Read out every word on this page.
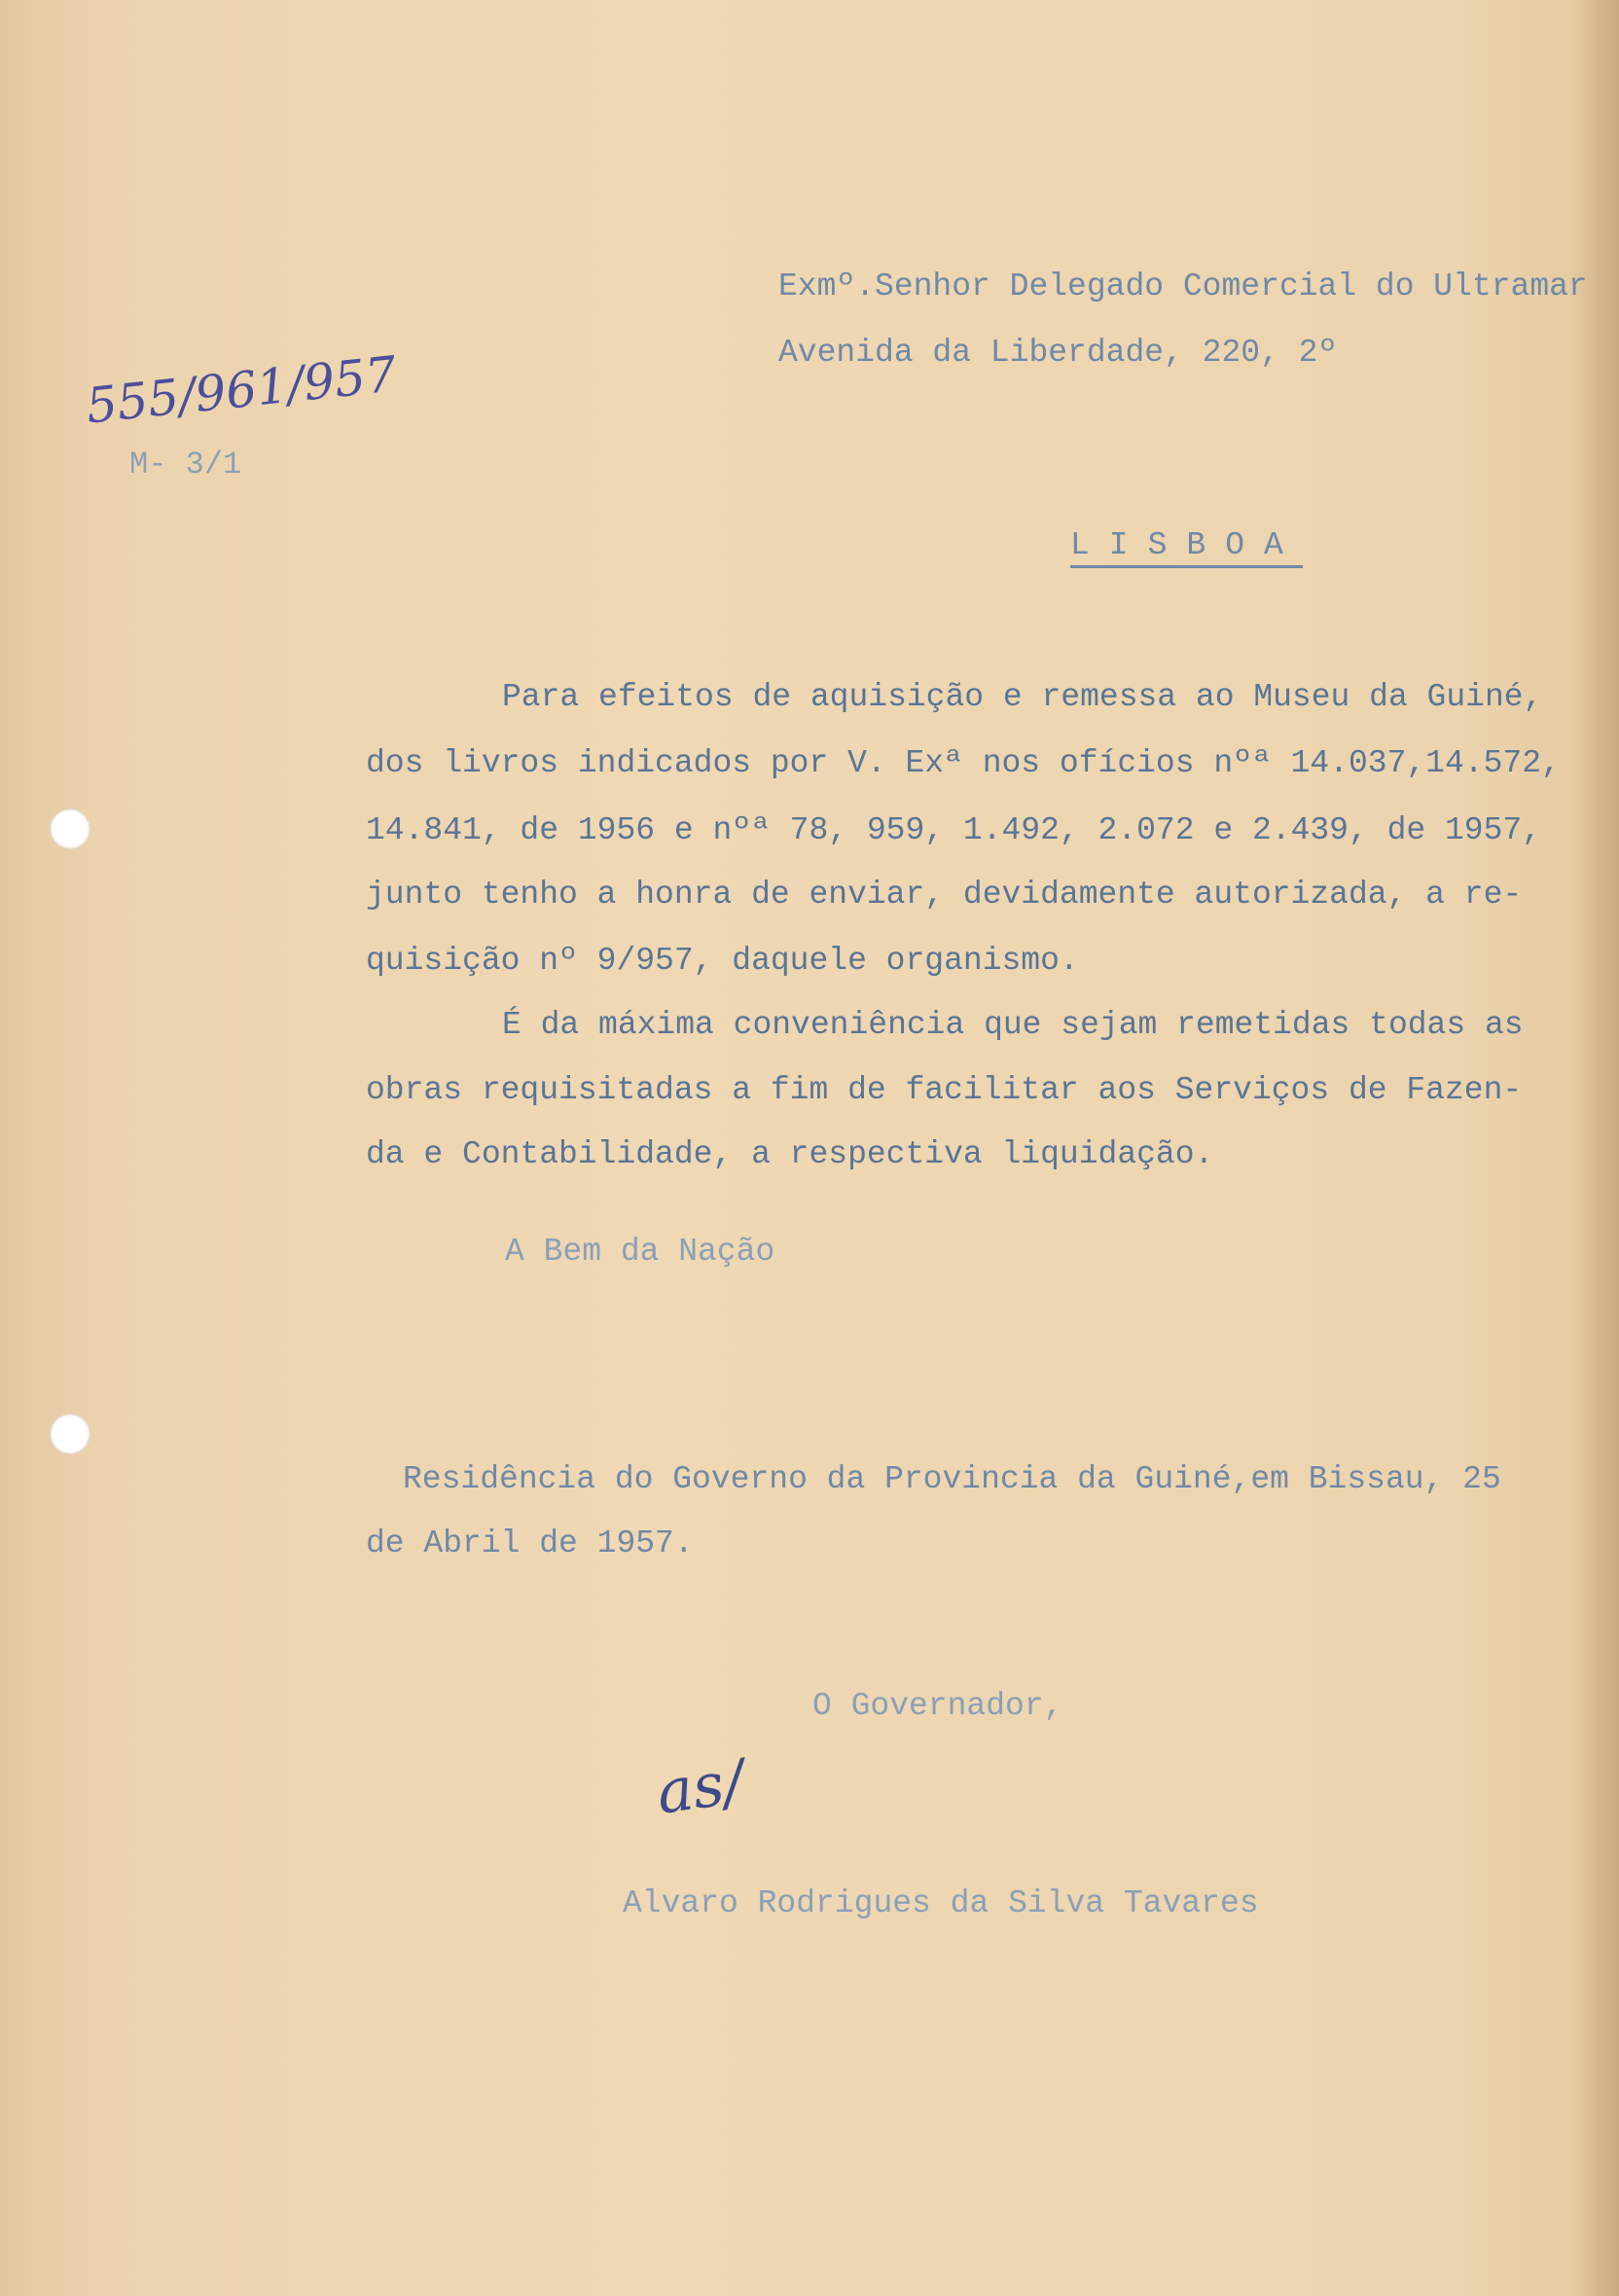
555/961/957
M- 3/1
Exmº.Senhor Delegado Comercial do Ultramar
Avenida da Liberdade, 220, 2º
LISBOA
Para efeitos de aquisição e remessa ao Museu da Guiné,
dos livros indicados por V. Exª nos ofícios nºª 14.037,14.572,
14.841, de 1956 e nºª 78, 959, 1.492, 2.072 e 2.439, de 1957,
junto tenho a honra de enviar, devidamente autorizada, a re-
quisição nº 9/957, daquele organismo.
É da máxima conveniência que sejam remetidas todas as
obras requisitadas a fim de facilitar aos Serviços de Fazen-
da e Contabilidade, a respectiva liquidação.
A Bem da Nação
Residência do Governo da Provincia da Guiné,em Bissau, 25
de Abril de 1957.
O Governador,
as/
Alvaro Rodrigues da Silva Tavares
